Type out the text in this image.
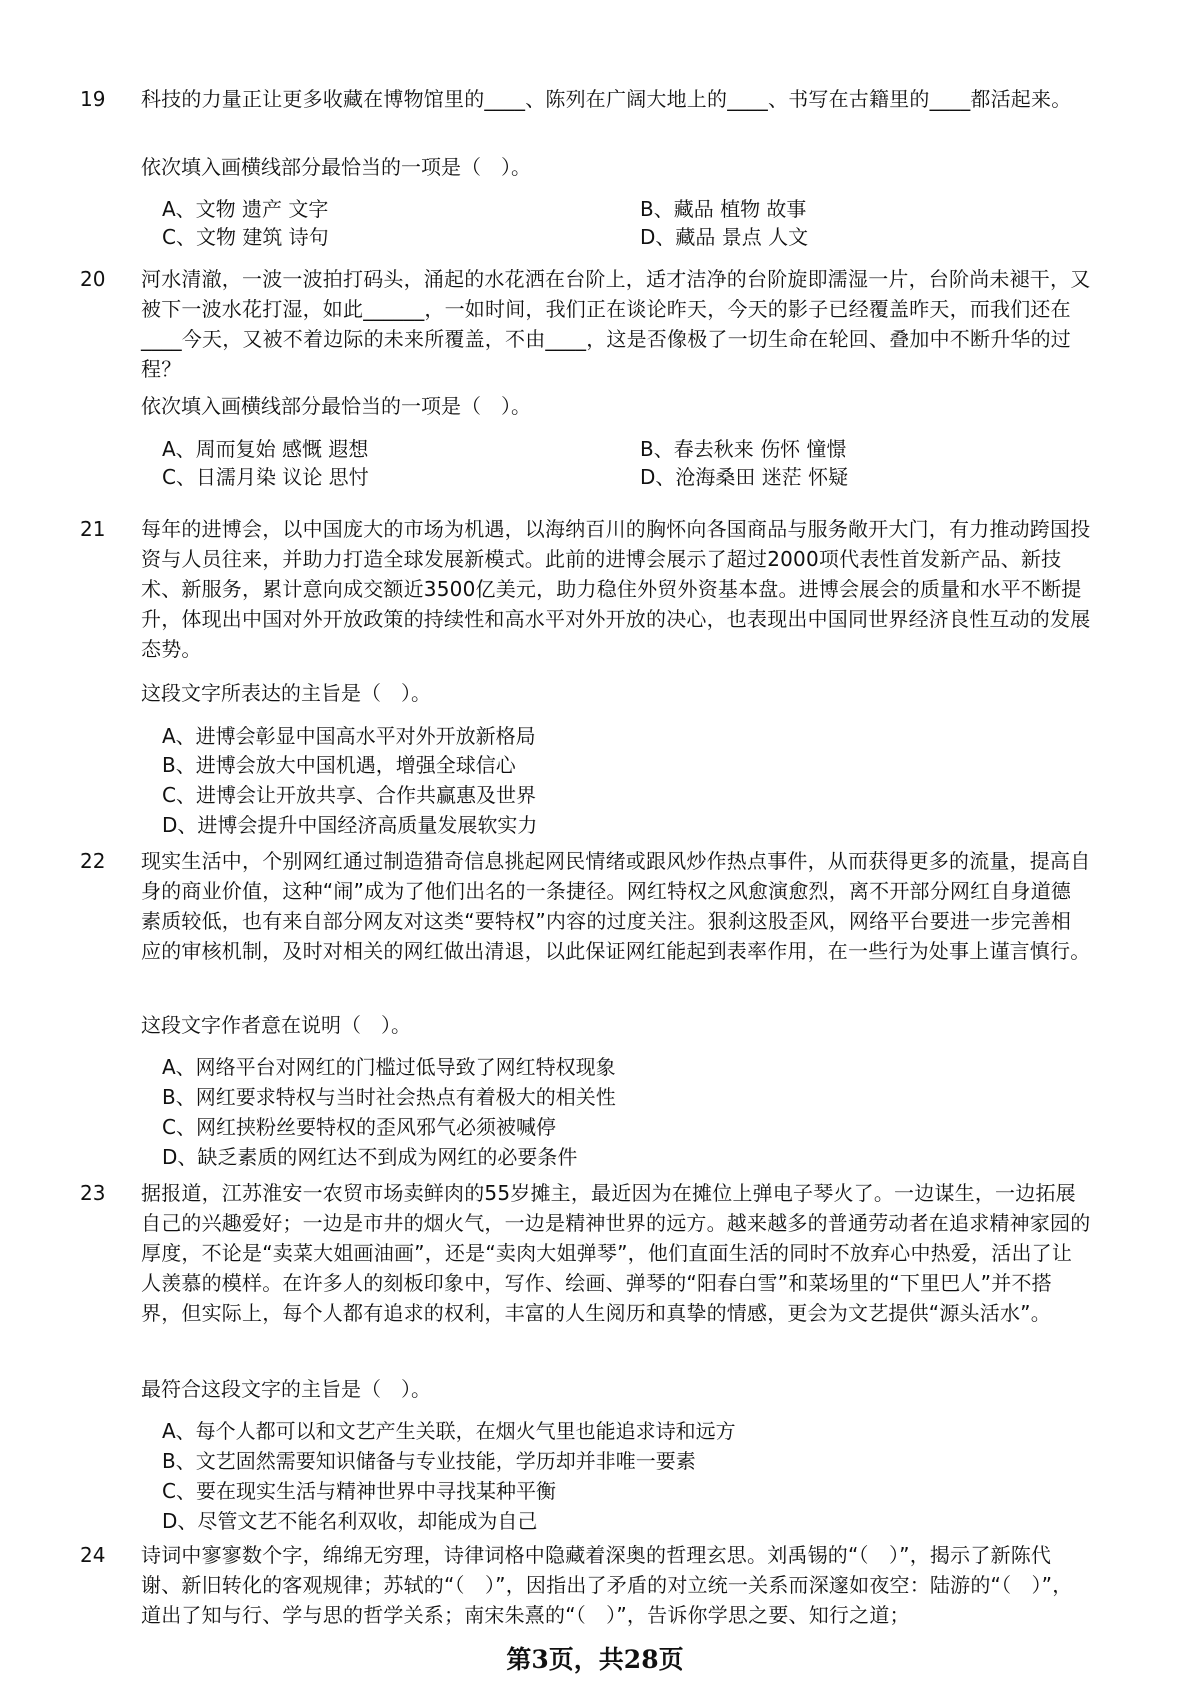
19 科技的力量正让更多收藏在博物馆里的____、陈列在广阔大地上的____、书写在古籍里的____都活起来。
依次填入画横线部分最恰当的一项是（　）。
A、文物 遗产 文字	B、藏品 植物 故事
C、文物 建筑 诗句	D、藏品 景点 人文
20 河水清澈，一波一波拍打码头，涌起的水花洒在台阶上，适才洁净的台阶旋即濡湿一片，台阶尚未褪干，又被下一波水花打湿，如此______，一如时间，我们正在谈论昨天，今天的影子已经覆盖昨天，而我们还在____今天，又被不着边际的未来所覆盖，不由____，这是否像极了一切生命在轮回、叠加中不断升华的过程？
依次填入画横线部分最恰当的一项是（　）。
A、周而复始 感慨 遐想	B、春去秋来 伤怀 憧憬
C、日濡月染 议论 思忖	D、沧海桑田 迷茫 怀疑
21 每年的进博会，以中国庞大的市场为机遇，以海纳百川的胸怀向各国商品与服务敞开大门，有力推动跨国投资与人员往来，并助力打造全球发展新模式。此前的进博会展示了超过2000项代表性首发新产品、新技术、新服务，累计意向成交额近3500亿美元，助力稳住外贸外资基本盘。进博会展会的质量和水平不断提升，体现出中国对外开放政策的持续性和高水平对外开放的决心，也表现出中国同世界经济良性互动的发展态势。
这段文字所表达的主旨是（　）。
A、进博会彰显中国高水平对外开放新格局
B、进博会放大中国机遇，增强全球信心
C、进博会让开放共享、合作共赢惠及世界
D、进博会提升中国经济高质量发展软实力
22 现实生活中，个别网红通过制造猎奇信息挑起网民情绪或跟风炒作热点事件，从而获得更多的流量，提高自身的商业价值，这种“闹”成为了他们出名的一条捷径。网红特权之风愈演愈烈，离不开部分网红自身道德素质较低，也有来自部分网友对这类“要特权”内容的过度关注。狠刹这股歪风，网络平台要进一步完善相应的审核机制，及时对相关的网红做出清退，以此保证网红能起到表率作用，在一些行为处事上谨言慎行。
这段文字作者意在说明（　）。
A、网络平台对网红的门槛过低导致了网红特权现象
B、网红要求特权与当时社会热点有着极大的相关性
C、网红挟粉丝要特权的歪风邪气必须被喊停
D、缺乏素质的网红达不到成为网红的必要条件
23 据报道，江苏淮安一农贸市场卖鲜肉的55岁摊主，最近因为在摊位上弹电子琴火了。一边谋生，一边拓展自己的兴趣爱好；一边是市井的烟火气，一边是精神世界的远方。越来越多的普通劳动者在追求精神家园的厚度，不论是“卖菜大姐画油画”，还是“卖肉大姐弹琴”，他们直面生活的同时不放弃心中热爱，活出了让人羡慕的模样。在许多人的刻板印象中，写作、绘画、弹琴的“阳春白雪”和菜场里的“下里巴人”并不搭界，但实际上，每个人都有追求的权利，丰富的人生阅历和真挚的情感，更会为文艺提供“源头活水”。
最符合这段文字的主旨是（　）。
A、每个人都可以和文艺产生关联，在烟火气里也能追求诗和远方
B、文艺固然需要知识储备与专业技能，学历却并非唯一要素
C、要在现实生活与精神世界中寻找某种平衡
D、尽管文艺不能名利双收，却能成为自己
24 诗词中寥寥数个字，绵绵无穷理，诗律词格中隐藏着深奥的哲理玄思。刘禹锡的“（　）”，揭示了新陈代谢、新旧转化的客观规律；苏轼的“（　）”，因指出了矛盾的对立统一关系而深邃如夜空：陆游的“（　）”，道出了知与行、学与思的哲学关系；南宋朱熹的“（　）”，告诉你学思之要、知行之道；
第3页，共28页
